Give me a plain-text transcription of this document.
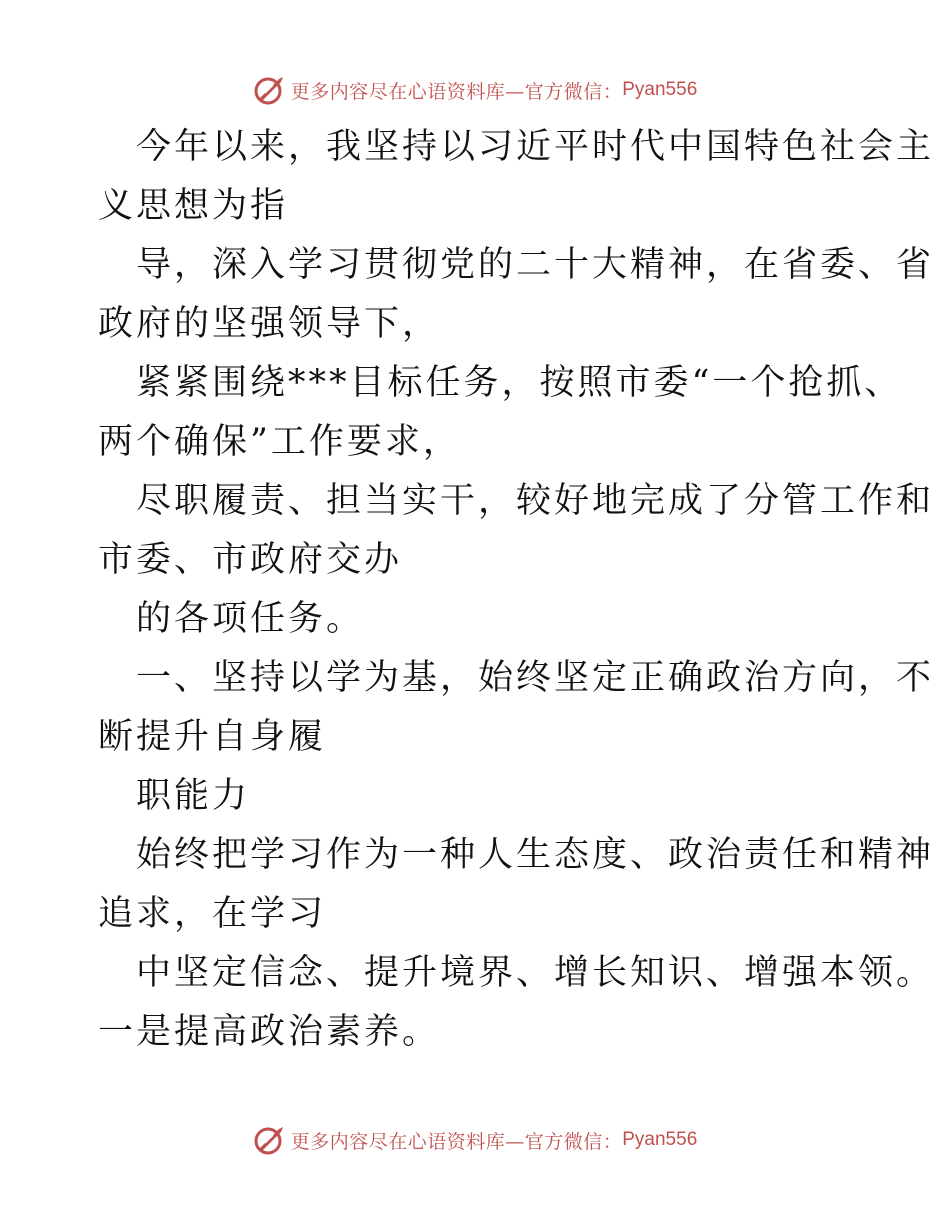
更多内容尽在心语资料库—官方微信： Pyan556
今年以来，我坚持以习近平时代中国特色社会主
义思想为指
导，深入学习贯彻党的二十大精神，在省委、省
政府的坚强领导下，
紧紧围绕***目标任务，按照市委“一个抢抓、
两个确保”工作要求，
尽职履责、担当实干，较好地完成了分管工作和
市委、市政府交办
的各项任务。
一、坚持以学为基，始终坚定正确政治方向，不
断提升自身履
职能力
始终把学习作为一种人生态度、政治责任和精神
追求，在学习
中坚定信念、提升境界、增长知识、增强本领。
一是提高政治素养。
更多内容尽在心语资料库—官方微信： Pyan556
